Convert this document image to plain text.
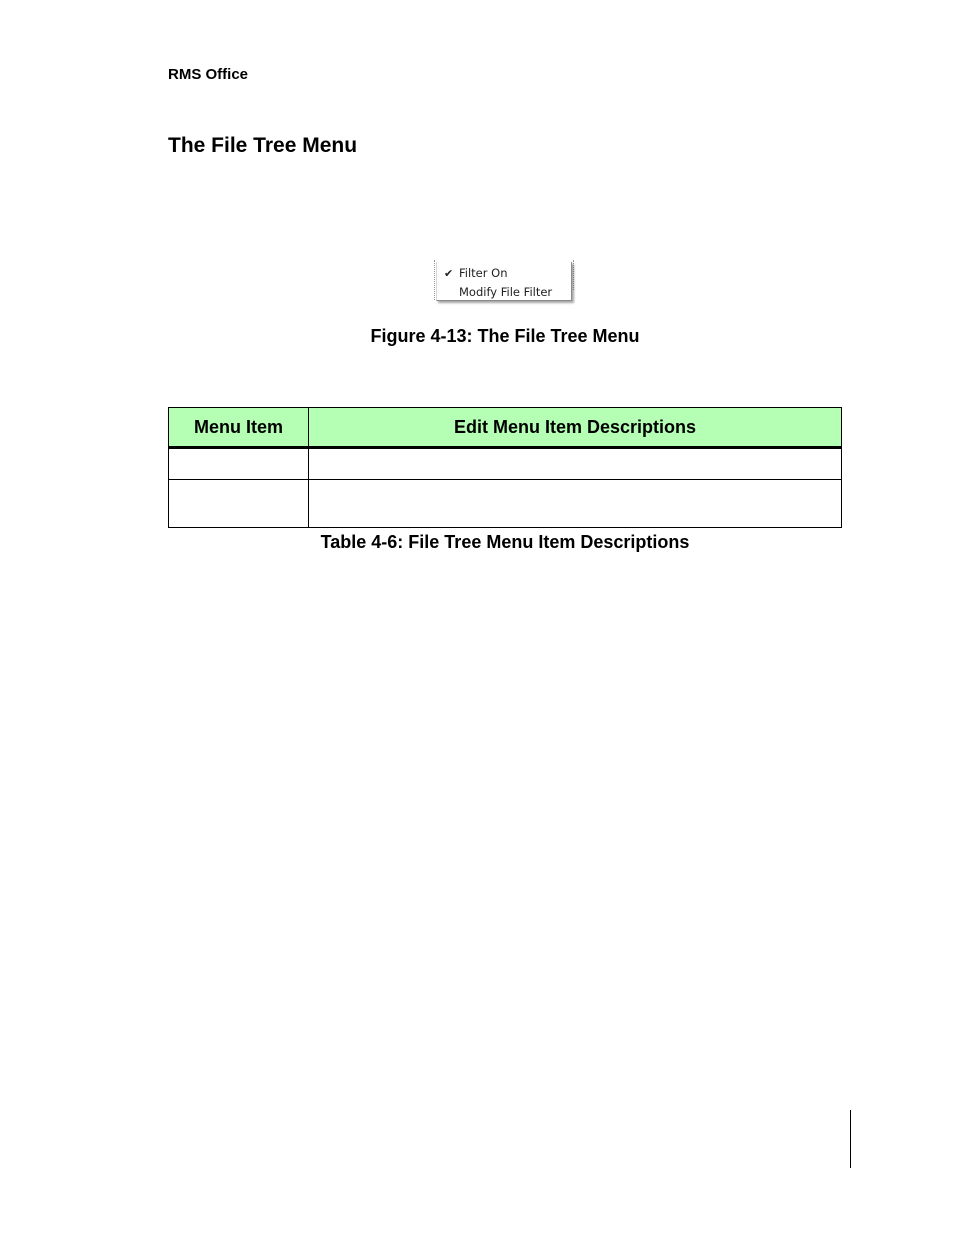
RMS Office
The File Tree Menu
✔ Filter On
Modify File Filter
Figure 4-13: The File Tree Menu
Menu Item	Edit Menu Item Descriptions

Table 4-6: File Tree Menu Item Descriptions
